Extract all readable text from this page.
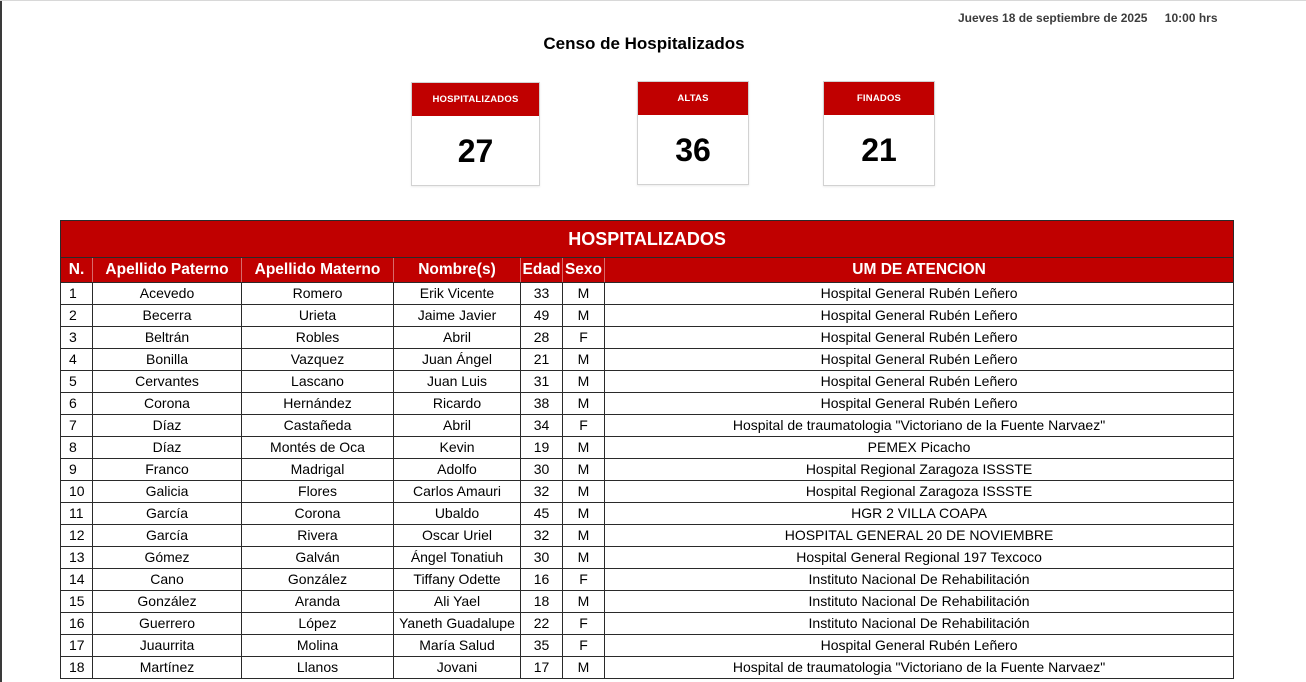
Jueves 18 de septiembre de 2025 10:00 hrs
Censo de Hospitalizados
HOSPITALIZADOS
27
ALTAS
36
FINADOS
21
HOSPITALIZADOS						
N.	Apellido Paterno	Apellido Materno	Nombre(s)	Edad	Sexo	UM DE ATENCION
1	Acevedo	Romero	Erik Vicente	33	M	Hospital General Rubén Leñero
2	Becerra	Urieta	Jaime Javier	49	M	Hospital General Rubén Leñero
3	Beltrán	Robles	Abril	28	F	Hospital General Rubén Leñero
4	Bonilla	Vazquez	Juan Ángel	21	M	Hospital General Rubén Leñero
5	Cervantes	Lascano	Juan Luis	31	M	Hospital General Rubén Leñero
6	Corona	Hernández	Ricardo	38	M	Hospital General Rubén Leñero
7	Díaz	Castañeda	Abril	34	F	Hospital de traumatologia "Victoriano de la Fuente Narvaez"
8	Díaz	Montés de Oca	Kevin	19	M	PEMEX Picacho
9	Franco	Madrigal	Adolfo	30	M	Hospital Regional Zaragoza ISSSTE
10	Galicia	Flores	Carlos Amauri	32	M	Hospital Regional Zaragoza ISSSTE
11	García	Corona	Ubaldo	45	M	HGR 2 VILLA COAPA
12	García	Rivera	Oscar Uriel	32	M	HOSPITAL GENERAL 20 DE NOVIEMBRE
13	Gómez	Galván	Ángel Tonatiuh	30	M	Hospital General Regional 197 Texcoco
14	Cano	González	Tiffany Odette	16	F	Instituto Nacional De Rehabilitación
15	González	Aranda	Ali Yael	18	M	Instituto Nacional De Rehabilitación
16	Guerrero	López	Yaneth Guadalupe	22	F	Instituto Nacional De Rehabilitación
17	Juaurrita	Molina	María Salud	35	F	Hospital General Rubén Leñero
18	Martínez	Llanos	Jovani	17	M	Hospital de traumatologia "Victoriano de la Fuente Narvaez"
